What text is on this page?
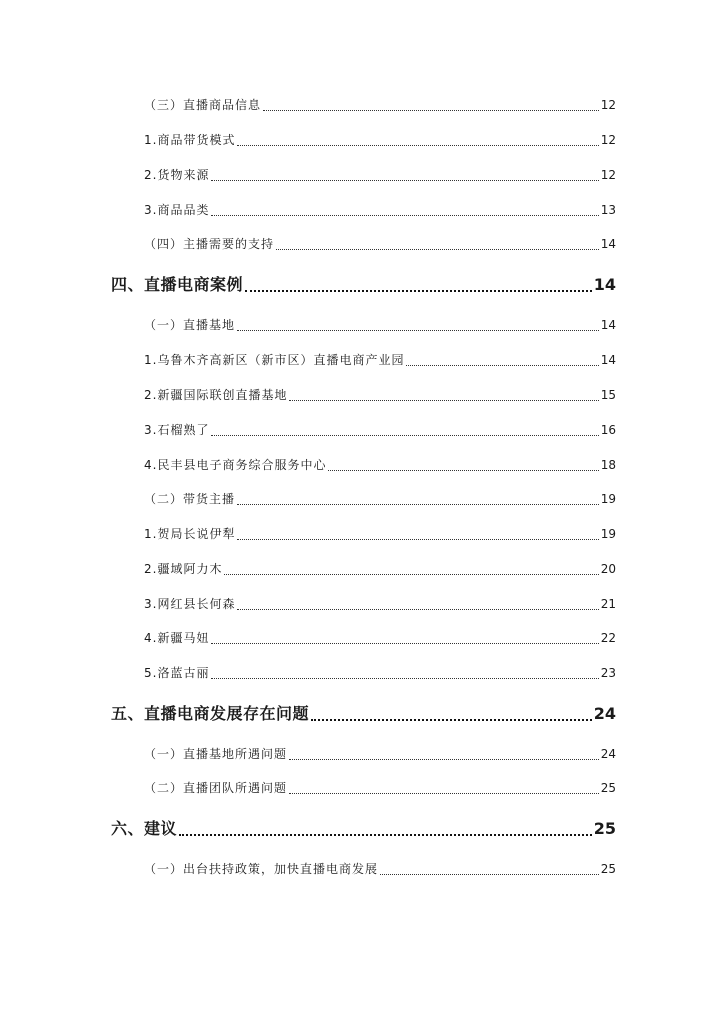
（三）直播商品信息	12
1.商品带货模式	12
2.货物来源	12
3.商品品类	13
（四）主播需要的支持	14
四、直播电商案例	14
（一）直播基地	14
1.乌鲁木齐高新区（新市区）直播电商产业园	14
2.新疆国际联创直播基地	15
3.石榴熟了	16
4.民丰县电子商务综合服务中心	18
（二）带货主播	19
1.贺局长说伊犁	19
2.疆域阿力木	20
3.网红县长何森	21
4.新疆马妞	22
5.洛蓝古丽	23
五、直播电商发展存在问题	24
（一）直播基地所遇问题	24
（二）直播团队所遇问题	25
六、建议	25
（一）出台扶持政策，加快直播电商发展	25
